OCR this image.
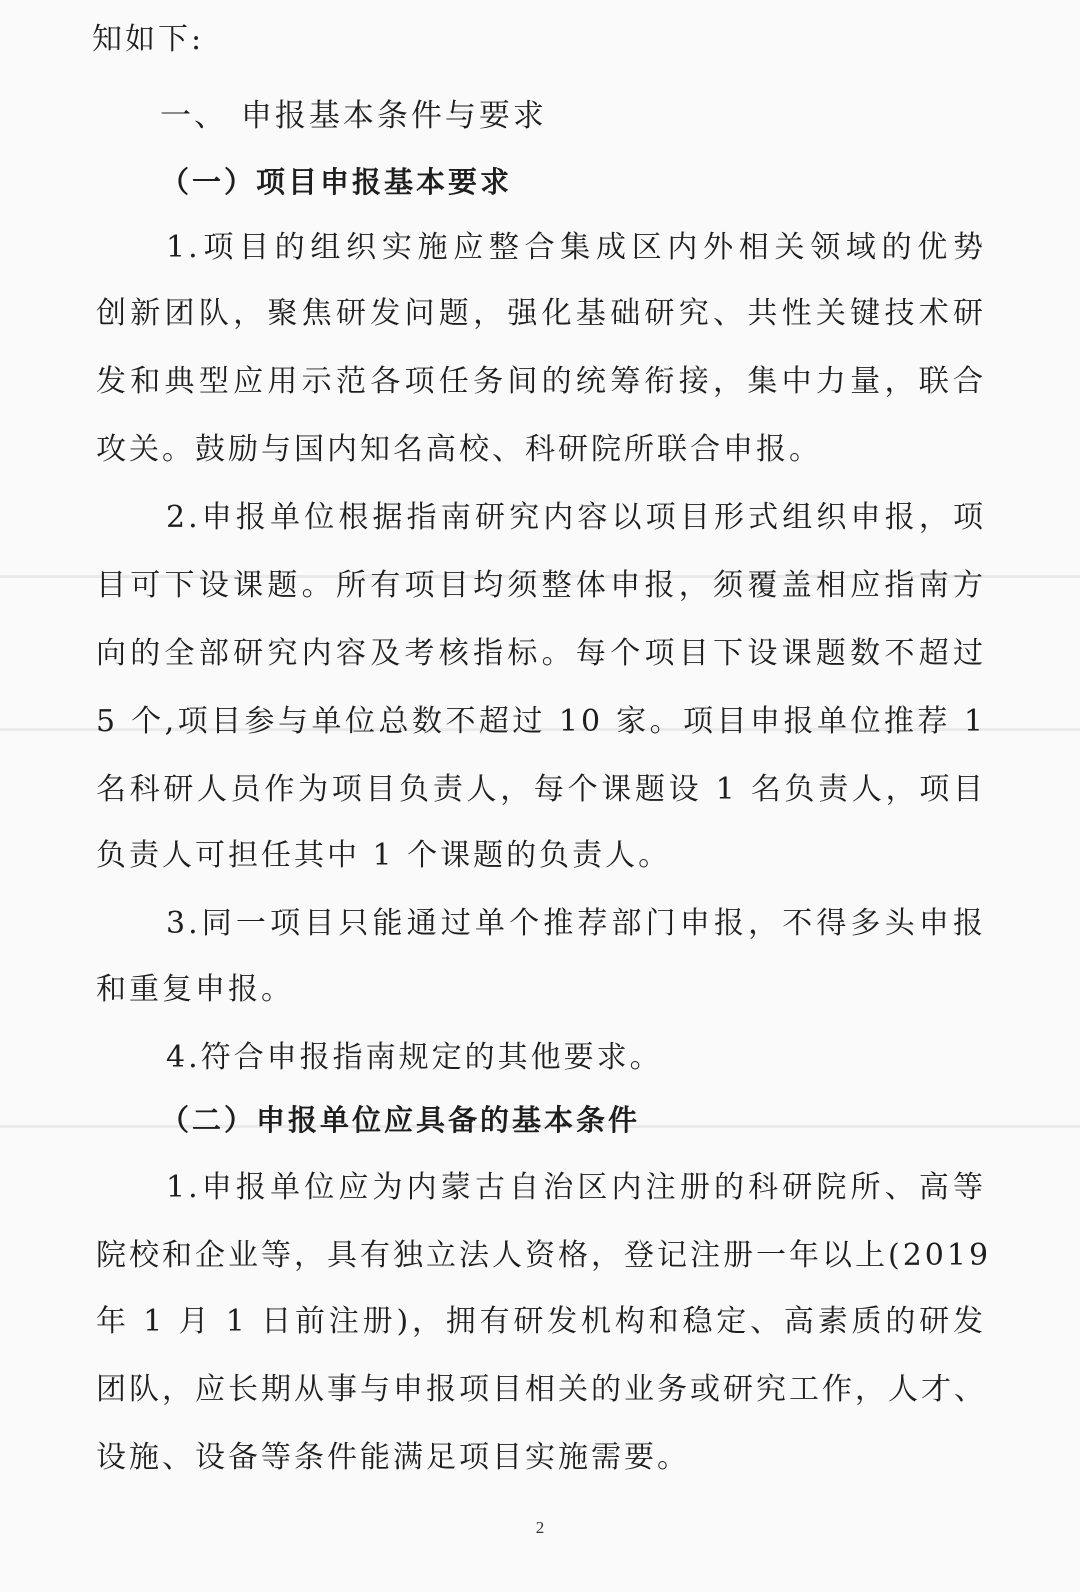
知如下:
一、 申报基本条件与要求
（一）项目申报基本要求
1.项目的组织实施应整合集成区内外相关领域的优势
创新团队，聚焦研发问题，强化基础研究、共性关键技术研
发和典型应用示范各项任务间的统筹衔接，集中力量，联合
攻关。鼓励与国内知名高校、科研院所联合申报。
2.申报单位根据指南研究内容以项目形式组织申报，项
目可下设课题。所有项目均须整体申报，须覆盖相应指南方
向的全部研究内容及考核指标。每个项目下设课题数不超过
5 个,项目参与单位总数不超过 10 家。项目申报单位推荐 1
名科研人员作为项目负责人，每个课题设 1 名负责人，项目
负责人可担任其中 1 个课题的负责人。
3.同一项目只能通过单个推荐部门申报，不得多头申报
和重复申报。
4.符合申报指南规定的其他要求。
（二）申报单位应具备的基本条件
1.申报单位应为内蒙古自治区内注册的科研院所、高等
院校和企业等，具有独立法人资格，登记注册一年以上(2019
年 1 月 1 日前注册)，拥有研发机构和稳定、高素质的研发
团队，应长期从事与申报项目相关的业务或研究工作，人才、
设施、设备等条件能满足项目实施需要。
2
